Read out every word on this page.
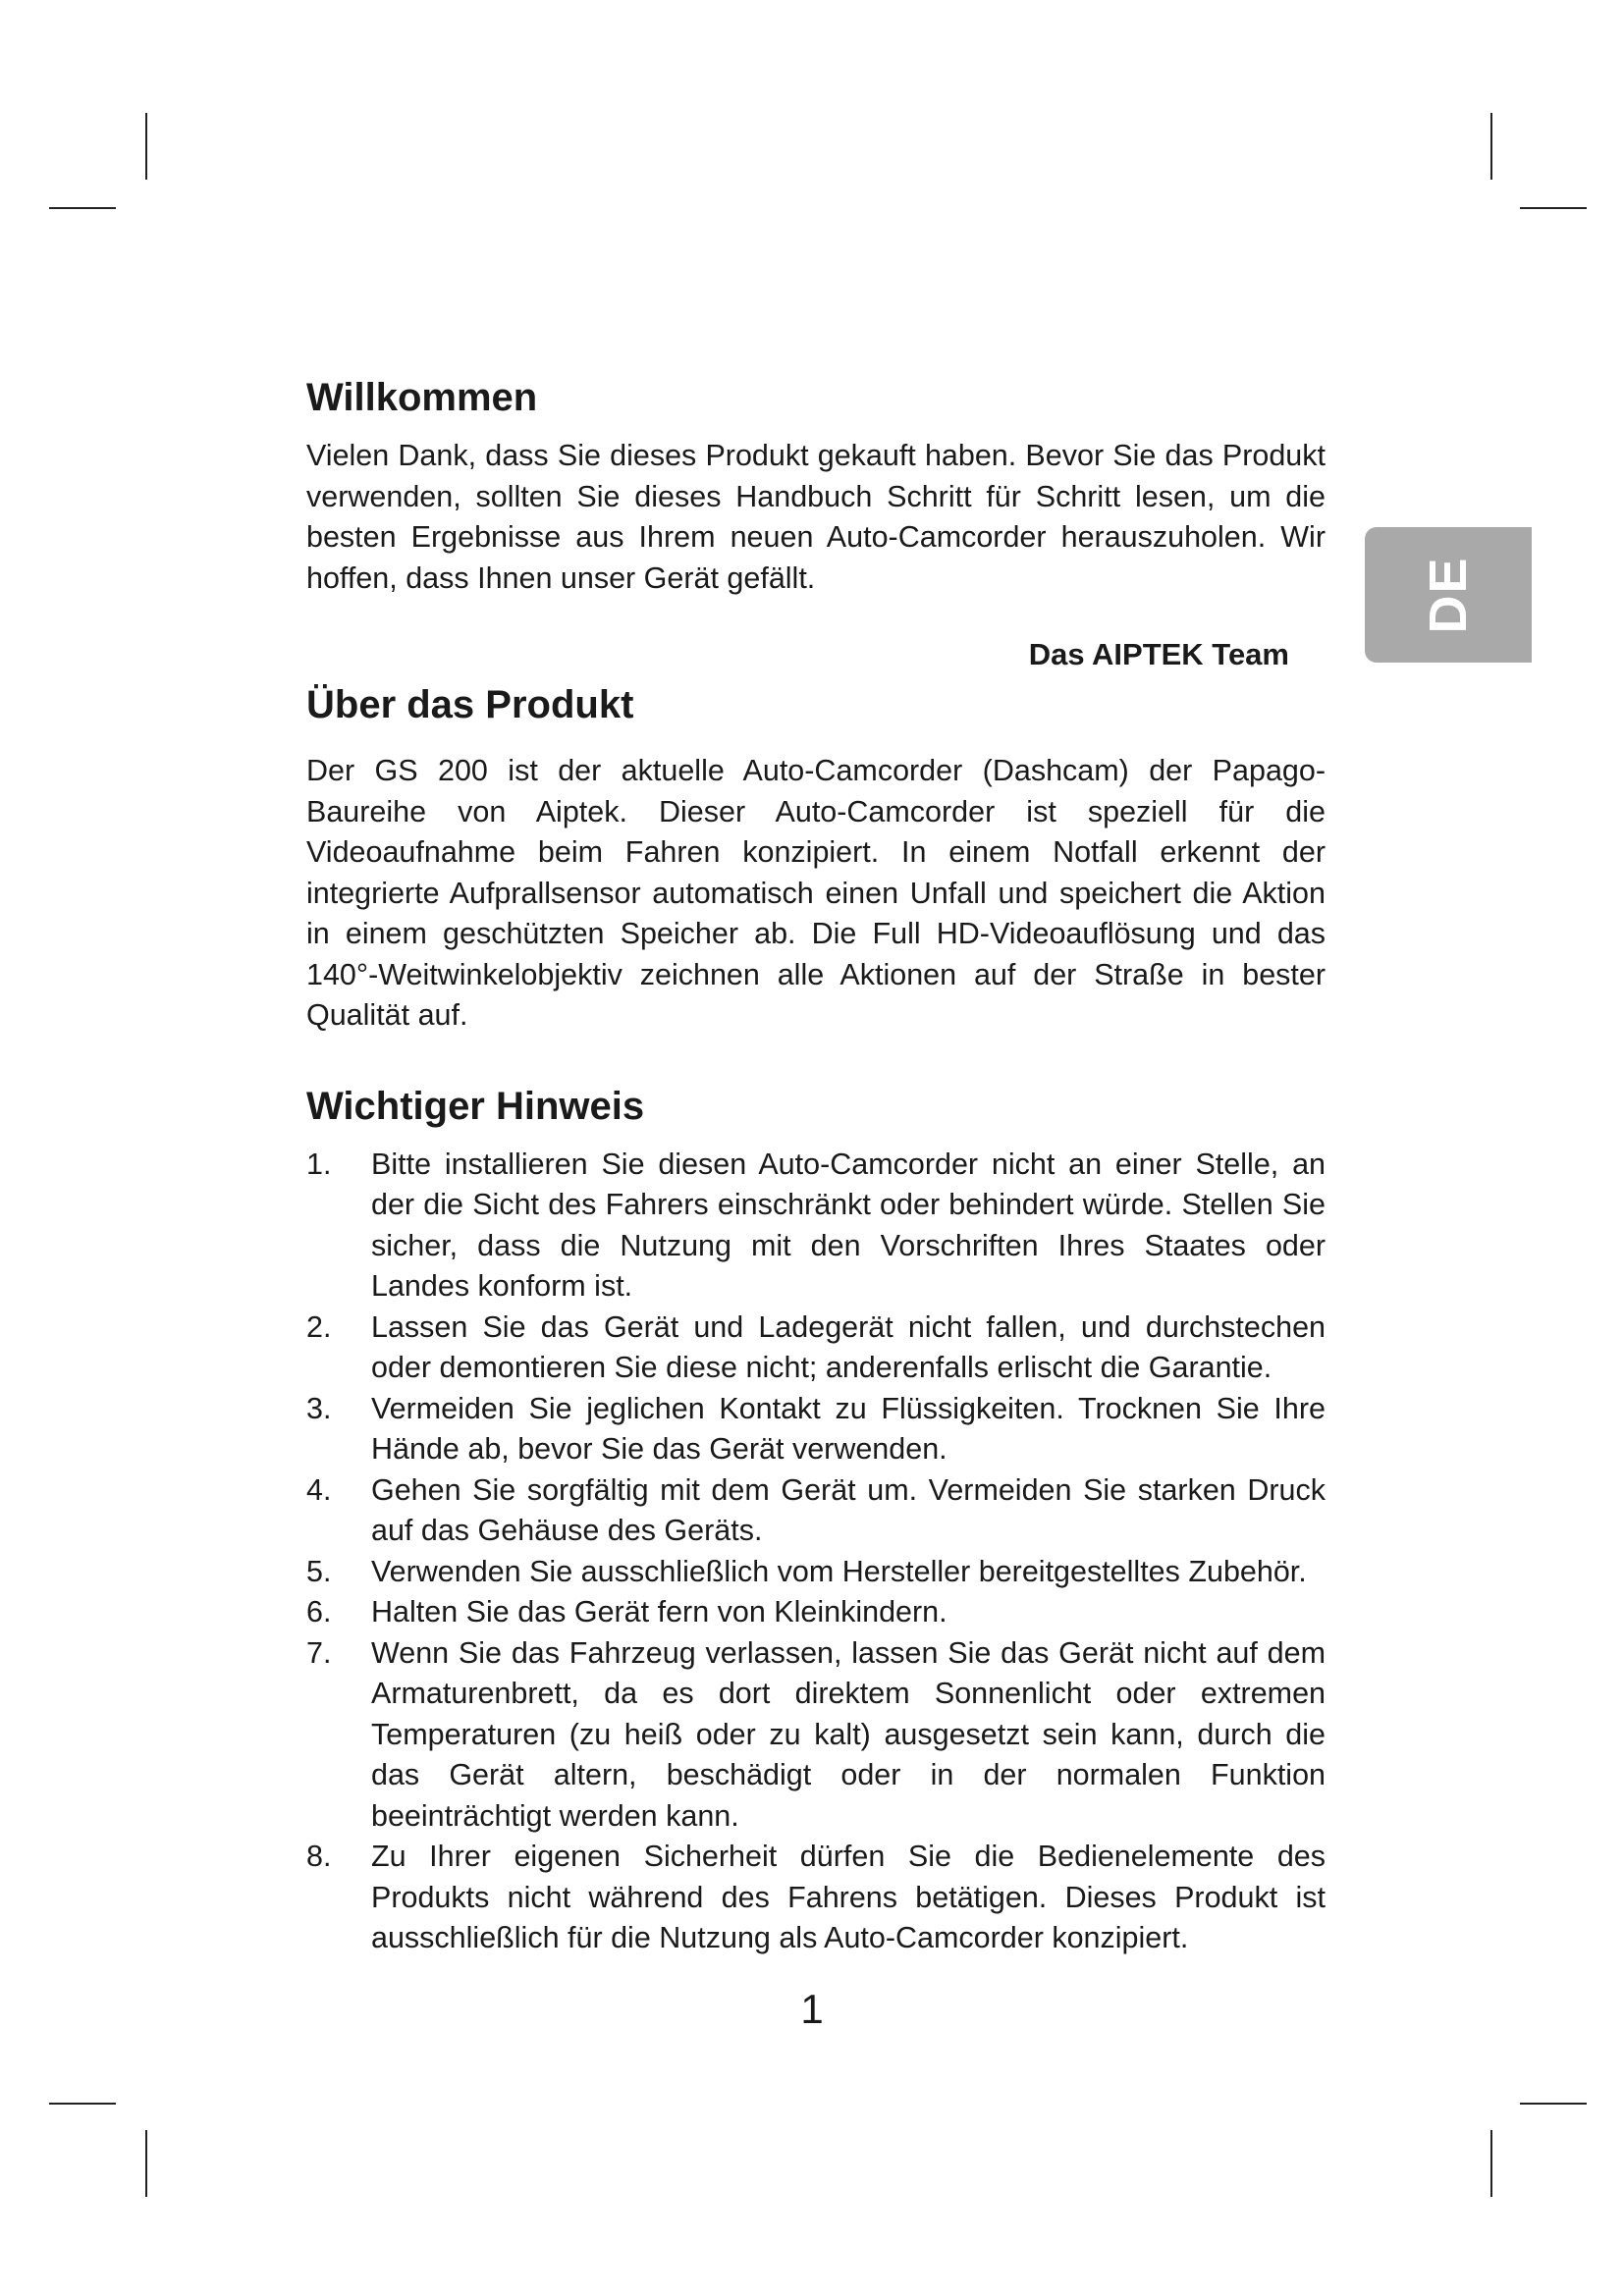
DE
Willkommen

Vielen Dank, dass Sie dieses Produkt gekauft haben. Bevor Sie das Produkt verwenden, sollten Sie dieses Handbuch Schritt für Schritt lesen, um die besten Ergebnisse aus Ihrem neuen Auto-Camcorder herauszuholen. Wir hoffen, dass Ihnen unser Gerät gefällt.

Das AIPTEK Team
Über das Produkt

Der GS 200 ist der aktuelle Auto-Camcorder (Dashcam) der Papago-Baureihe von Aiptek. Dieser Auto-Camcorder ist speziell für die Videoaufnahme beim Fahren konzipiert. In einem Notfall erkennt der integrierte Aufprallsensor automatisch einen Unfall und speichert die Aktion in einem geschützten Speicher ab. Die Full HD-Videoauflösung und das 140°-Weitwinkelobjektiv zeichnen alle Aktionen auf der Straße in bester Qualität auf.

Wichtiger Hinweis
1. Bitte installieren Sie diesen Auto-Camcorder nicht an einer Stelle, an der die Sicht des Fahrers einschränkt oder behindert würde. Stellen Sie sicher, dass die Nutzung mit den Vorschriften Ihres Staates oder Landes konform ist.
2. Lassen Sie das Gerät und Ladegerät nicht fallen, und durchstechen oder demontieren Sie diese nicht; anderenfalls erlischt die Garantie.
3. Vermeiden Sie jeglichen Kontakt zu Flüssigkeiten. Trocknen Sie Ihre Hände ab, bevor Sie das Gerät verwenden.
4. Gehen Sie sorgfältig mit dem Gerät um. Vermeiden Sie starken Druck auf das Gehäuse des Geräts.
5. Verwenden Sie ausschließlich vom Hersteller bereitgestelltes Zubehör.
6. Halten Sie das Gerät fern von Kleinkindern.
7. Wenn Sie das Fahrzeug verlassen, lassen Sie das Gerät nicht auf dem Armaturenbrett, da es dort direktem Sonnenlicht oder extremen Temperaturen (zu heiß oder zu kalt) ausgesetzt sein kann, durch die das Gerät altern, beschädigt oder in der normalen Funktion beeinträchtigt werden kann.
8. Zu Ihrer eigenen Sicherheit dürfen Sie die Bedienelemente des Produkts nicht während des Fahrens betätigen. Dieses Produkt ist ausschließlich für die Nutzung als Auto-Camcorder konzipiert.
1
